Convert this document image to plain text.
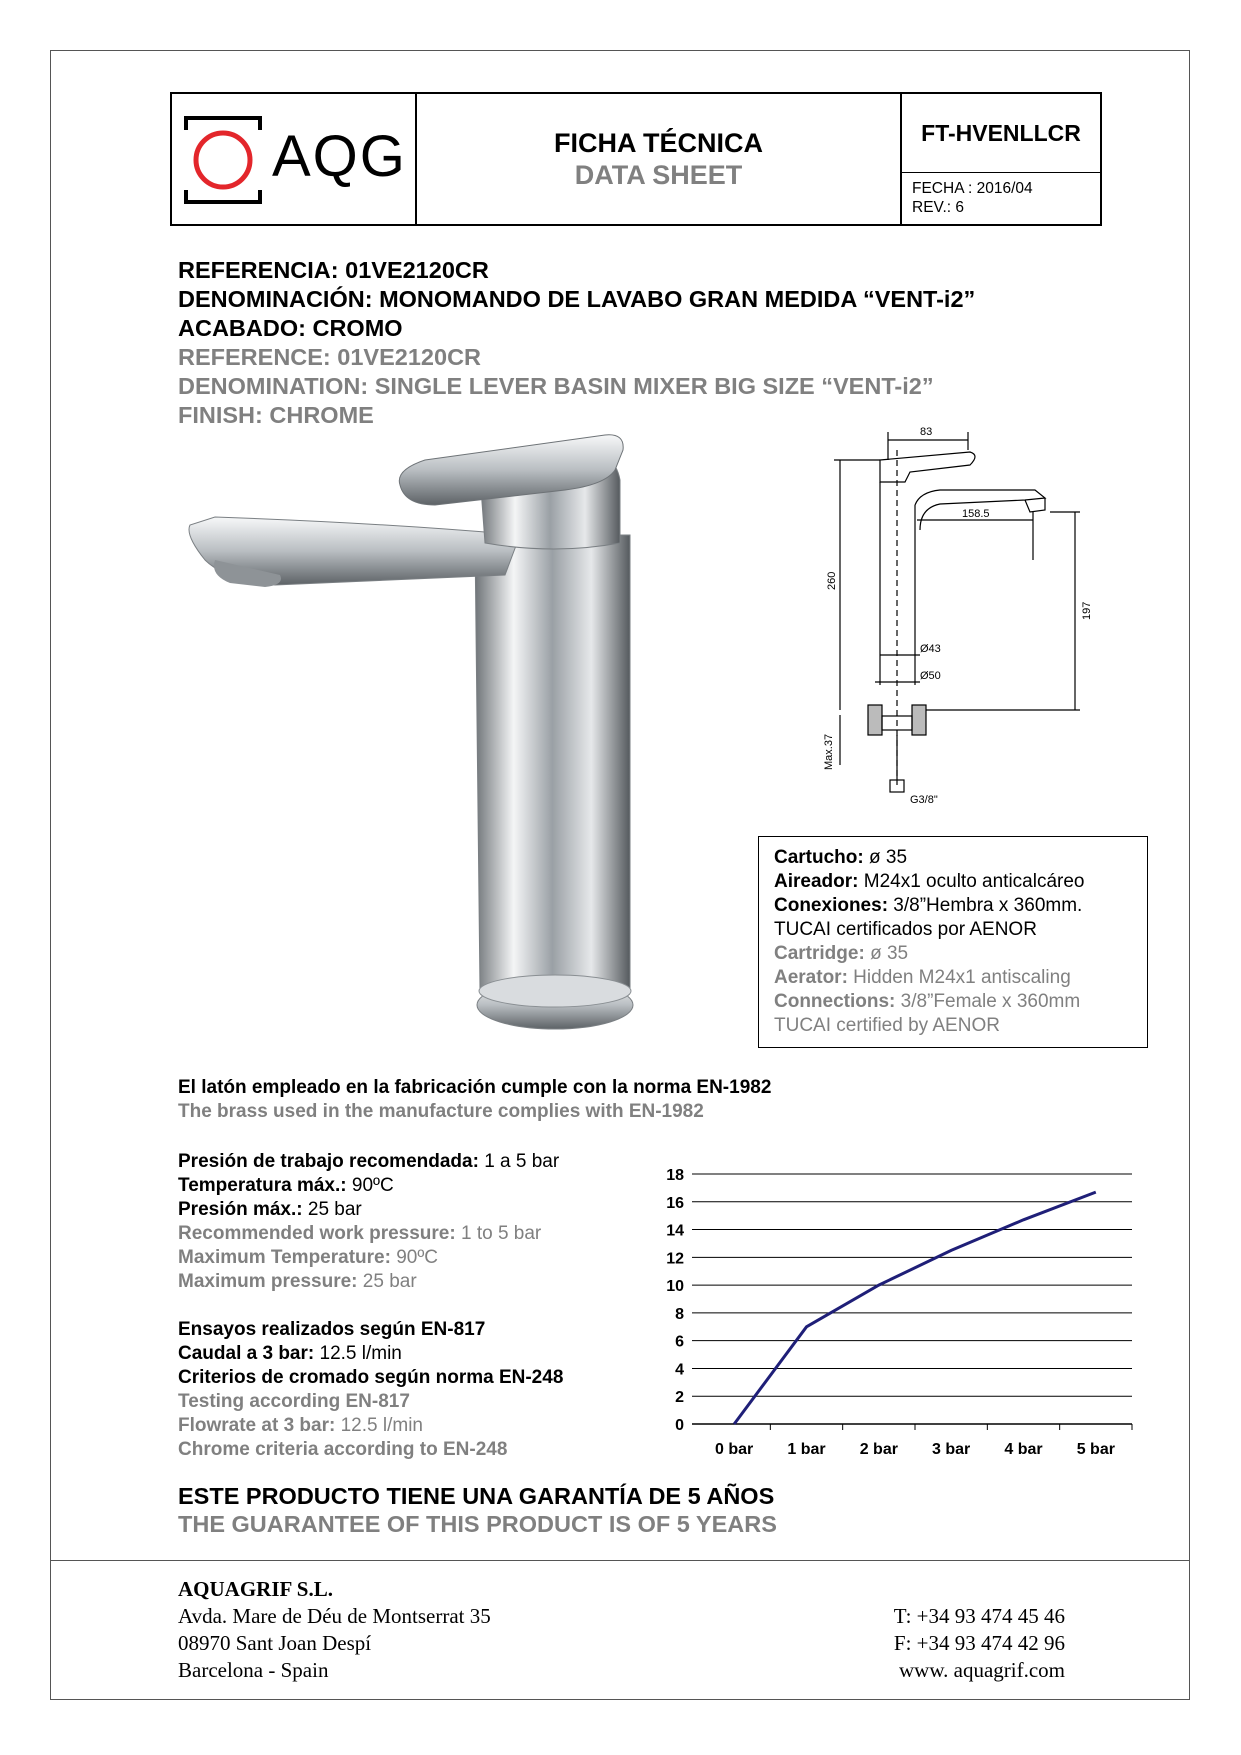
AQG	FICHA TÉCNICA
DATA SHEET
FT-HVENLLCR
FECHA : 2016/04
REV.: 6
REFERENCIA: 01VE2120CR
DENOMINACIÓN: MONOMANDO DE LAVABO GRAN MEDIDA “VENT-i2”
ACABADO: CROMO
REFERENCE: 01VE2120CR
DENOMINATION: SINGLE LEVER BASIN MIXER BIG SIZE “VENT-i2”
FINISH: CHROME
83
158.5
260
197
Ø43
Ø50
Max.37
G3/8"
Cartucho: ø 35
Aireador: M24x1 oculto anticalcáreo
Conexiones: 3/8”Hembra x 360mm.
TUCAI certificados por AENOR
Cartridge: ø 35
Aerator: Hidden M24x1 antiscaling
Connections: 3/8”Female x 360mm
TUCAI certified by AENOR
El latón empleado en la fabricación cumple con la norma EN-1982
The brass used in the manufacture complies with EN-1982
Presión de trabajo recomendada: 1 a 5 bar
Temperatura máx.: 90ºC
Presión máx.: 25 bar
Recommended work pressure: 1 to 5 bar
Maximum Temperature: 90ºC
Maximum pressure: 25 bar
Ensayos realizados según EN-817
Caudal a 3 bar: 12.5 l/min
Criterios de cromado según norma EN-248
Testing according EN-817
Flowrate at 3 bar: 12.5 l/min
Chrome criteria according to EN-248
0
2
4
6
8
10
12
14
16
18
0 bar 1 bar 2 bar 3 bar 4 bar 5 bar
ESTE PRODUCTO TIENE UNA GARANTÍA DE 5 AÑOS
THE GUARANTEE OF THIS PRODUCT IS OF 5 YEARS
AQUAGRIF S.L.
Avda. Mare de Déu de Montserrat 35
08970 Sant Joan Despí
Barcelona - Spain
T: +34 93 474 45 46
F: +34 93 474 42 96
www. aquagrif.com
